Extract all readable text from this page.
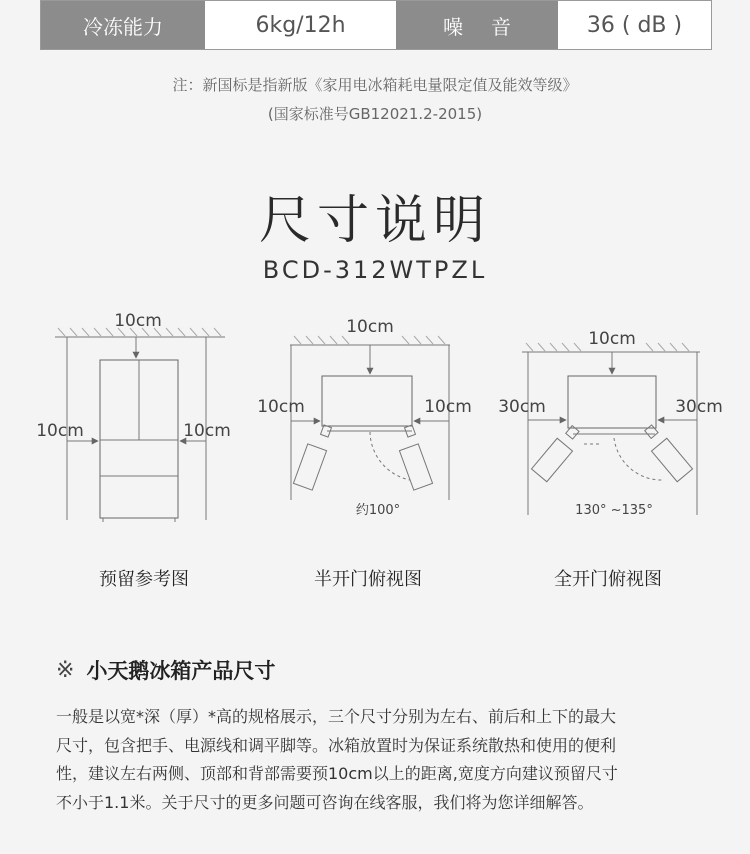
冷冻能力	6kg/12h	噪音	36 ( dB )
注：新国标是指新版《家用电冰箱耗电量限定值及能效等级》
(国家标准号GB12021.2-2015)
尺寸说明
BCD-312WTPZL
10cm
10cm	10cm
10cm
10cm	10cm
约100°
10cm
30cm	30cm
130° ~135°
预留参考图	半开门俯视图	全开门俯视图
※ 小天鹅冰箱产品尺寸
一般是以宽*深（厚）*高的规格展示，三个尺寸分别为左右、前后和上下的最大
尺寸，包含把手、电源线和调平脚等。冰箱放置时为保证系统散热和使用的便利
性，建议左右两侧、顶部和背部需要预10cm以上的距离,宽度方向建议预留尺寸
不小于1.1米。关于尺寸的更多问题可咨询在线客服，我们将为您详细解答。
